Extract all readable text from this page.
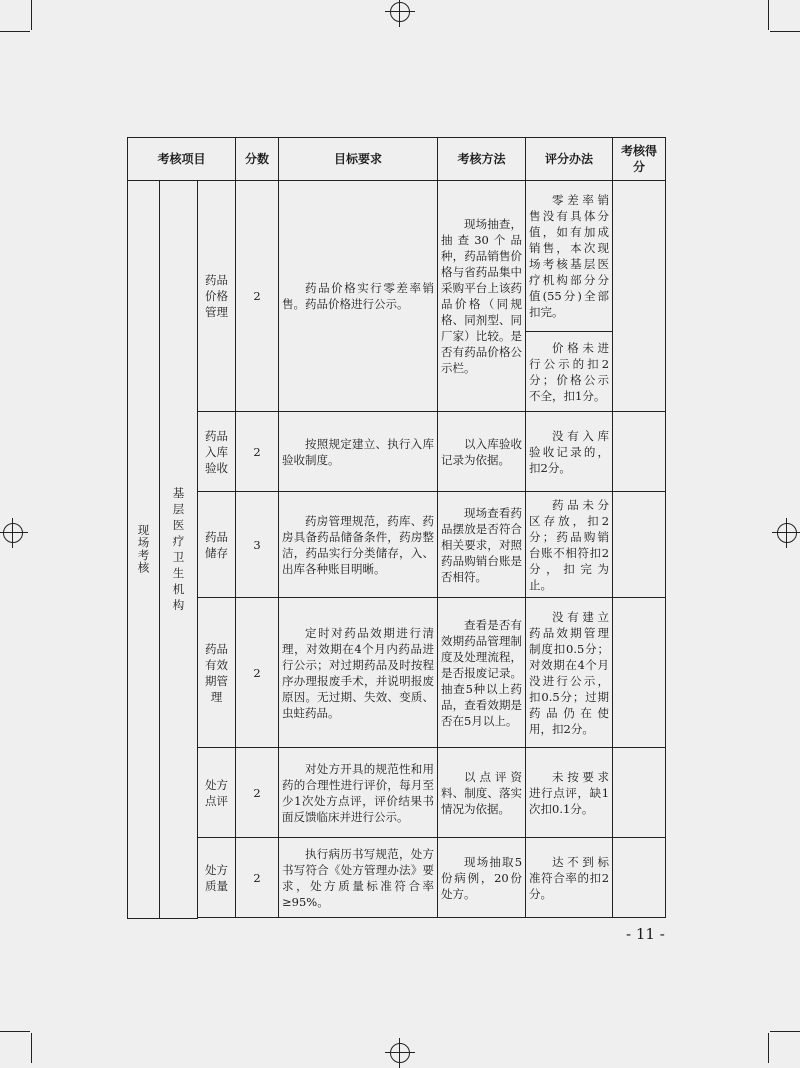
考核项目			分数	目标要求	考核方法	评分办法	考核得分

现场考核	基层医疗卫生机构	药品价格管理	2	药品价格实行零差率销售。药品价格进行公示。	现场抽查，抽查30个品种，药品销售价格与省药品集中采购平台上该药品价格（同规格、同剂型、同厂家）比较。是否有药品价格公示栏。	零差率销售没有具体分值，如有加成销售，本次现场考核基层医疗机构部分分值(55分)全部扣完。	
						价格未进行公示的扣2分；价格公示不全，扣1分。	

		药品入库验收	2	按照规定建立、执行入库验收制度。	以入库验收记录为依据。	没有入库验收记录的，扣2分。	

		药品储存	3	药房管理规范，药库、药房具备药品储备条件，药房整洁，药品实行分类储存，入、出库各种账目明晰。	现场查看药品摆放是否符合相关要求，对照药品购销台账是否相符。	药品未分区存放，扣2分；药品购销台账不相符扣2分，扣完为止。	

		药品有效期管理	2	定时对药品效期进行清理，对效期在4个月内药品进行公示；对过期药品及时按程序办理报废手术，并说明报废原因。无过期、失效、变质、虫蛀药品。	查看是否有效期药品管理制度及处理流程，是否报废记录。抽查5种以上药品，查看效期是否在5月以上。	没有建立药品效期管理制度扣0.5分；对效期在4个月没进行公示，扣0.5分；过期药品仍在使用，扣2分。	

		处方点评	2	对处方开具的规范性和用药的合理性进行评价，每月至少1次处方点评，评价结果书面反馈临床并进行公示。	以点评资料、制度、落实情况为依据。	未按要求进行点评，缺1次扣0.1分。	

		处方质量	2	执行病历书写规范，处方书写符合《处方管理办法》要求，处方质量标准符合率≥95%。	现场抽取5份病例，20份处方。	达不到标准符合率的扣2分。	

- 11 -
